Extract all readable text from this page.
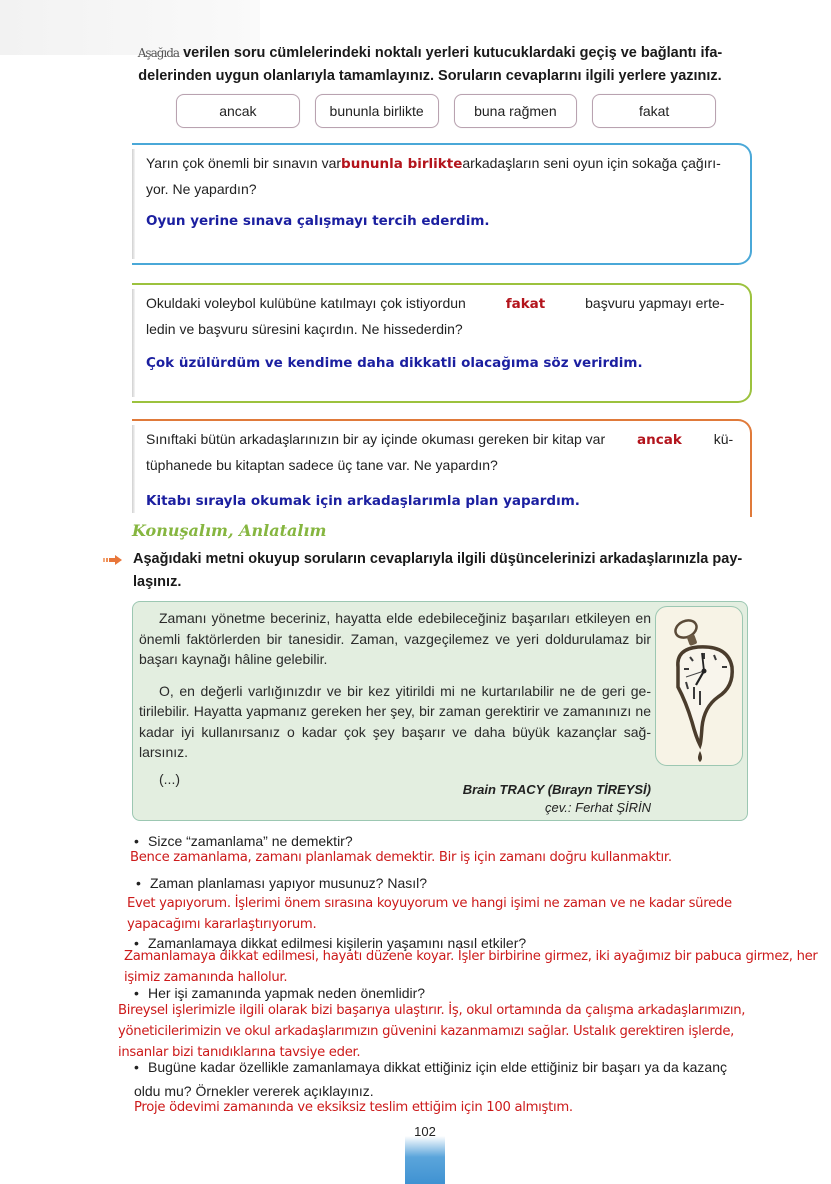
Aşağıda verilen soru cümlelerindeki noktalı yerleri kutucuklardaki geçiş ve bağlantı ifa-delerinden uygun olanlarıyla tamamlayınız. Soruların cevaplarını ilgili yerlere yazınız.
ancak	bununla birlikte	buna rağmen	fakat
Yarın çok önemli bir sınavın varbununla birliktearkadaşların seni oyun için sokağa çağırı-yor. Ne yapardın?
Oyun yerine sınava çalışmayı tercih ederdim.
Okuldaki voleybol kulübüne katılmayı çok istiyordun	fakat	başvuru yapmayı erte-ledin ve başvuru süresini kaçırdın. Ne hissederdin?
Çok üzülürdüm ve kendime daha dikkatli olacağıma söz verirdim.
Sınıftaki bütün arkadaşlarınızın bir ay içinde okuması gereken bir kitap var ancak kü-tüphanede bu kitaptan sadece üç tane var. Ne yapardın?
Kitabı sırayla okumak için arkadaşlarımla plan yapardım.
Konuşalım, Anlatalım
Aşağıdaki metni okuyup soruların cevaplarıyla ilgili düşüncelerinizi arkadaşlarınızla pay-laşınız.

Zamanı yönetme beceriniz, hayatta elde edebileceğiniz başarıları etkileyen en önemli faktörlerden bir tanesidir. Zaman, vazgeçilemez ve yeri doldurulamaz bir başarı kaynağı hâline gelebilir.

O, en değerli varlığınızdır ve bir kez yitirildi mi ne kurtarılabilir ne de geri ge-tirilebilir. Hayatta yapmanız gereken her şey, bir zaman gerektirir ve zamanınızı ne kadar iyi kullanırsanız o kadar çok şey başarır ve daha büyük kazançlar sağ-larsınız.

(...)

Brain TRACY (Bırayn TİREYSİ)
çev.: Ferhat ŞİRİN
• Sizce “zamanlama” ne demektir?
Bence zamanlama, zamanı planlamak demektir. Bir iş için zamanı doğru kullanmaktır.
• Zaman planlaması yapıyor musunuz? Nasıl?
Evet yapıyorum. İşlerimi önem sırasına koyuyorum ve hangi işimi ne zaman ve ne kadar sürede yapacağımı kararlaştırıyorum.
• Zamanlamaya dikkat edilmesi kişilerin yaşamını nasıl etkiler?
Zamanlamaya dikkat edilmesi, hayatı düzene koyar. İşler birbirine girmez, iki ayağımız bir pabuca girmez, her işimiz zamanında hallolur.
• Her işi zamanında yapmak neden önemlidir?
Bireysel işlerimizle ilgili olarak bizi başarıya ulaştırır. İş, okul ortamında da çalışma arkadaşlarımızın, yöneticilerimizin ve okul arkadaşlarımızın güvenini kazanmamızı sağlar. Ustalık gerektiren işlerde, insanlar bizi tanıdıklarına tavsiye eder.
• Bugüne kadar özellikle zamanlamaya dikkat ettiğiniz için elde ettiğiniz bir başarı ya da kazanç oldu mu? Örnekler vererek açıklayınız.
Proje ödevimi zamanında ve eksiksiz teslim ettiğim için 100 almıştım.
102
